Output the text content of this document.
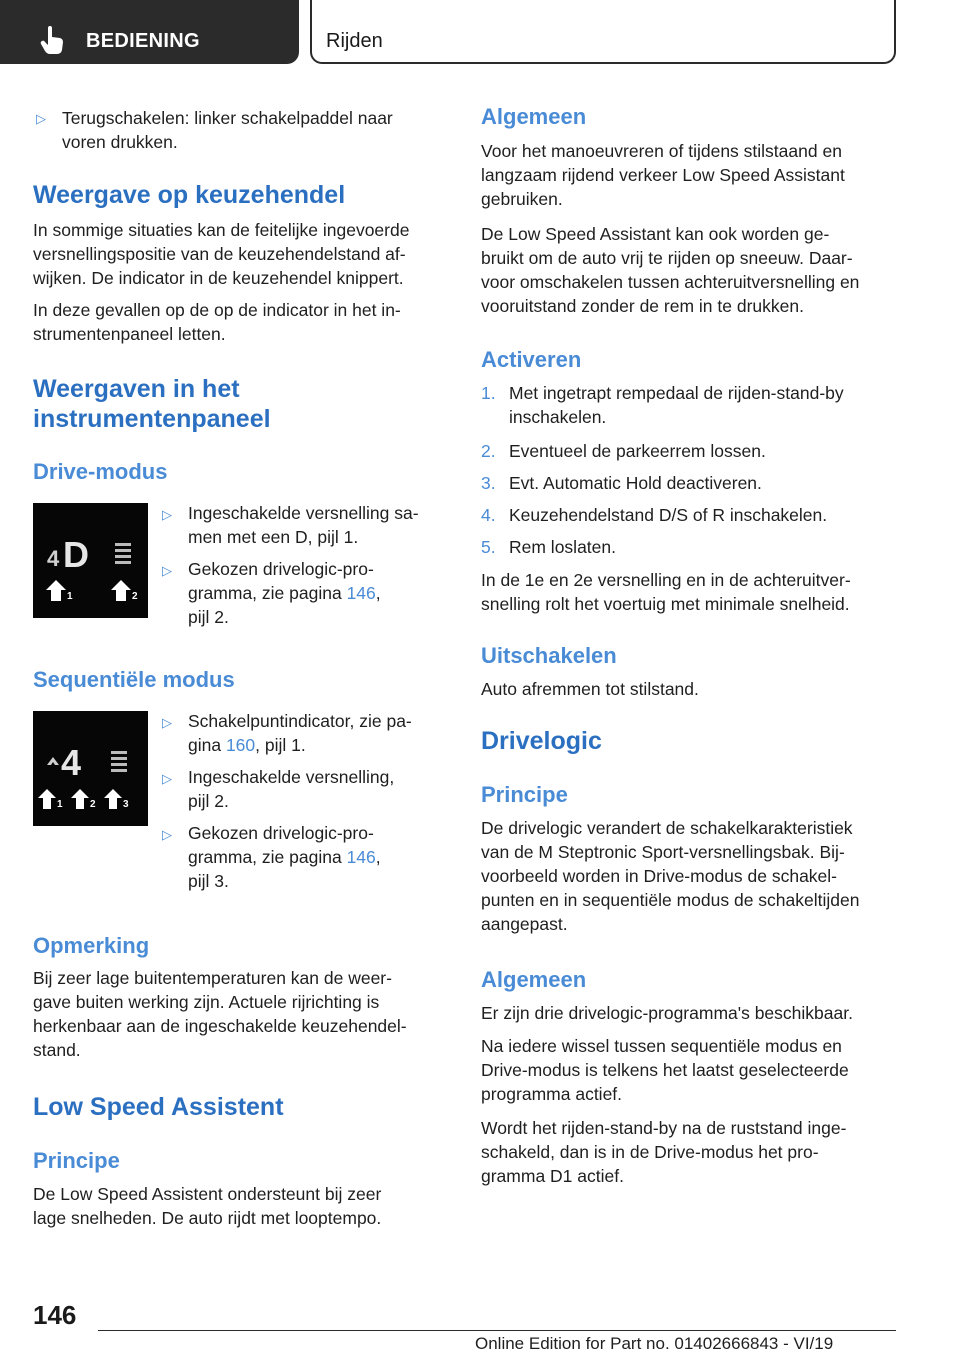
BEDIENING	Rijden
▷ Terugschakelen: linker schakelpaddel naar
voren drukken.
Weergave op keuzehendel
In sommige situaties kan de feitelijke ingevoerde
versnellingspositie van de keuzehendelstand af‐
wijken. De indicator in de keuzehendel knippert.
In deze gevallen op de op de indicator in het in‐
strumentenpaneel letten.
Weergaven in het
instrumentenpaneel
Drive-modus
4 D
1	2
▷ Ingeschakelde versnelling sa‐
men met een D, pijl 1.
▷ Gekozen drivelogic-pro‐
gramma, zie pagina 146,
pijl 2.
Sequentiële modus
4
1	2	3
▷ Schakelpuntindicator, zie pa‐
gina 160, pijl 1.
▷ Ingeschakelde versnelling,
pijl 2.
▷ Gekozen drivelogic-pro‐
gramma, zie pagina 146,
pijl 3.
Opmerking
Bij zeer lage buitentemperaturen kan de weer‐
gave buiten werking zijn. Actuele rijrichting is
herkenbaar aan de ingeschakelde keuzehendel‐
stand.
Low Speed Assistent
Principe
De Low Speed Assistent ondersteunt bij zeer
lage snelheden. De auto rijdt met looptempo.
Algemeen
Voor het manoeuvreren of tijdens stilstaand en
langzaam rijdend verkeer Low Speed Assistant
gebruiken.
De Low Speed Assistant kan ook worden ge‐
bruikt om de auto vrij te rijden op sneeuw. Daar‐
voor omschakelen tussen achteruitversnelling en
vooruitstand zonder de rem in te drukken.
Activeren
1. Met ingetrapt rempedaal de rijden-stand-by
inschakelen.
2. Eventueel de parkeerrem lossen.
3. Evt. Automatic Hold deactiveren.
4. Keuzehendelstand D/S of R inschakelen.
5. Rem loslaten.
In de 1e en 2e versnelling en in de achteruitver‐
snelling rolt het voertuig met minimale snelheid.
Uitschakelen
Auto afremmen tot stilstand.
Drivelogic
Principe
De drivelogic verandert de schakelkarakteristiek
van de M Steptronic Sport-versnellingsbak. Bij‐
voorbeeld worden in Drive-modus de schakel‐
punten en in sequentiële modus de schakeltijden
aangepast.
Algemeen
Er zijn drie drivelogic-programma's beschikbaar.
Na iedere wissel tussen sequentiële modus en
Drive-modus is telkens het laatst geselecteerde
programma actief.
Wordt het rijden-stand-by na de ruststand inge‐
schakeld, dan is in de Drive-modus het pro‐
gramma D1 actief.
146
Online Edition for Part no. 01402666843 - VI/19
